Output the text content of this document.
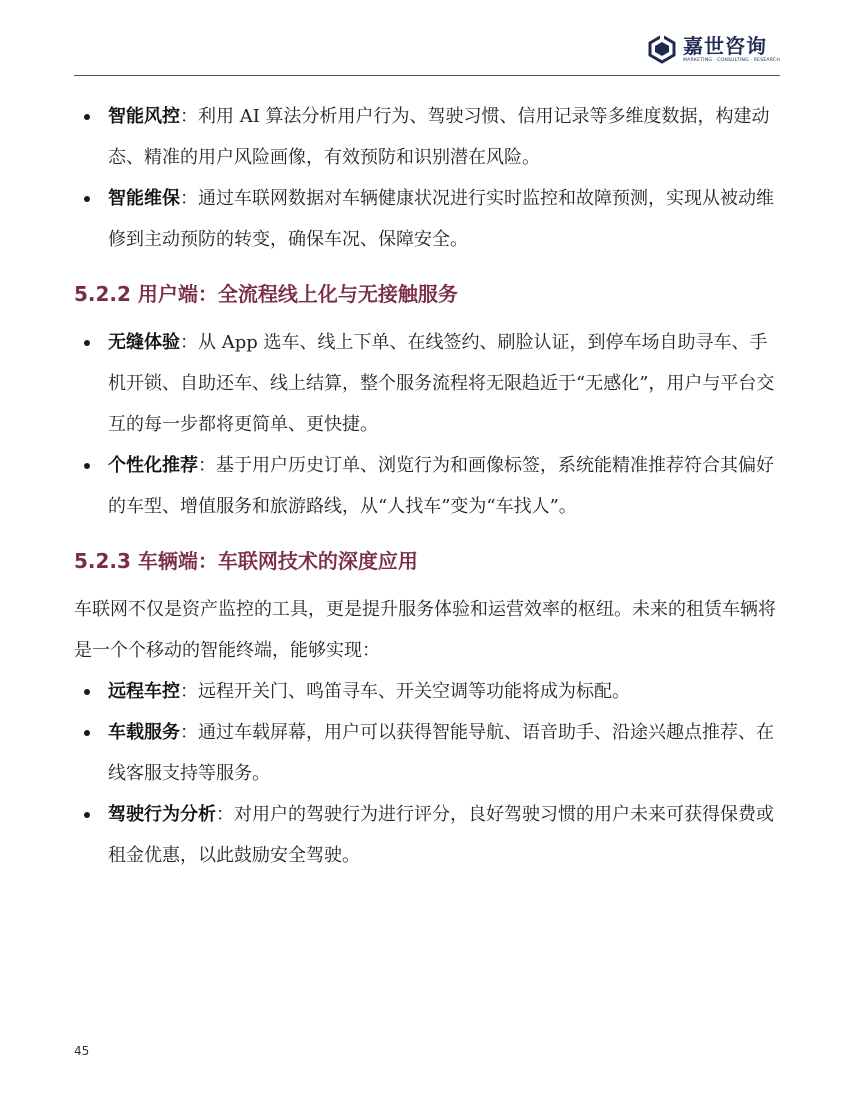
嘉世咨询
MARKETING · CONSULTING · RESEARCH
智能风控：利用 AI 算法分析用户行为、驾驶习惯、信用记录等多维度数据，构建动态、精准的用户风险画像，有效预防和识别潜在风险。
智能维保：通过车联网数据对车辆健康状况进行实时监控和故障预测，实现从被动维修到主动预防的转变，确保车况、保障安全。
5.2.2 用户端：全流程线上化与无接触服务
无缝体验：从 App 选车、线上下单、在线签约、刷脸认证，到停车场自助寻车、手机开锁、自助还车、线上结算，整个服务流程将无限趋近于“无感化”，用户与平台交互的每一步都将更简单、更快捷。
个性化推荐：基于用户历史订单、浏览行为和画像标签，系统能精准推荐符合其偏好的车型、增值服务和旅游路线，从“人找车”变为“车找人”。
5.2.3 车辆端：车联网技术的深度应用

车联网不仅是资产监控的工具，更是提升服务体验和运营效率的枢纽。未来的租赁车辆将是一个个移动的智能终端，能够实现：

远程车控：远程开关门、鸣笛寻车、开关空调等功能将成为标配。
车载服务：通过车载屏幕，用户可以获得智能导航、语音助手、沿途兴趣点推荐、在线客服支持等服务。
驾驶行为分析：对用户的驾驶行为进行评分，良好驾驶习惯的用户未来可获得保费或租金优惠，以此鼓励安全驾驶。
45
